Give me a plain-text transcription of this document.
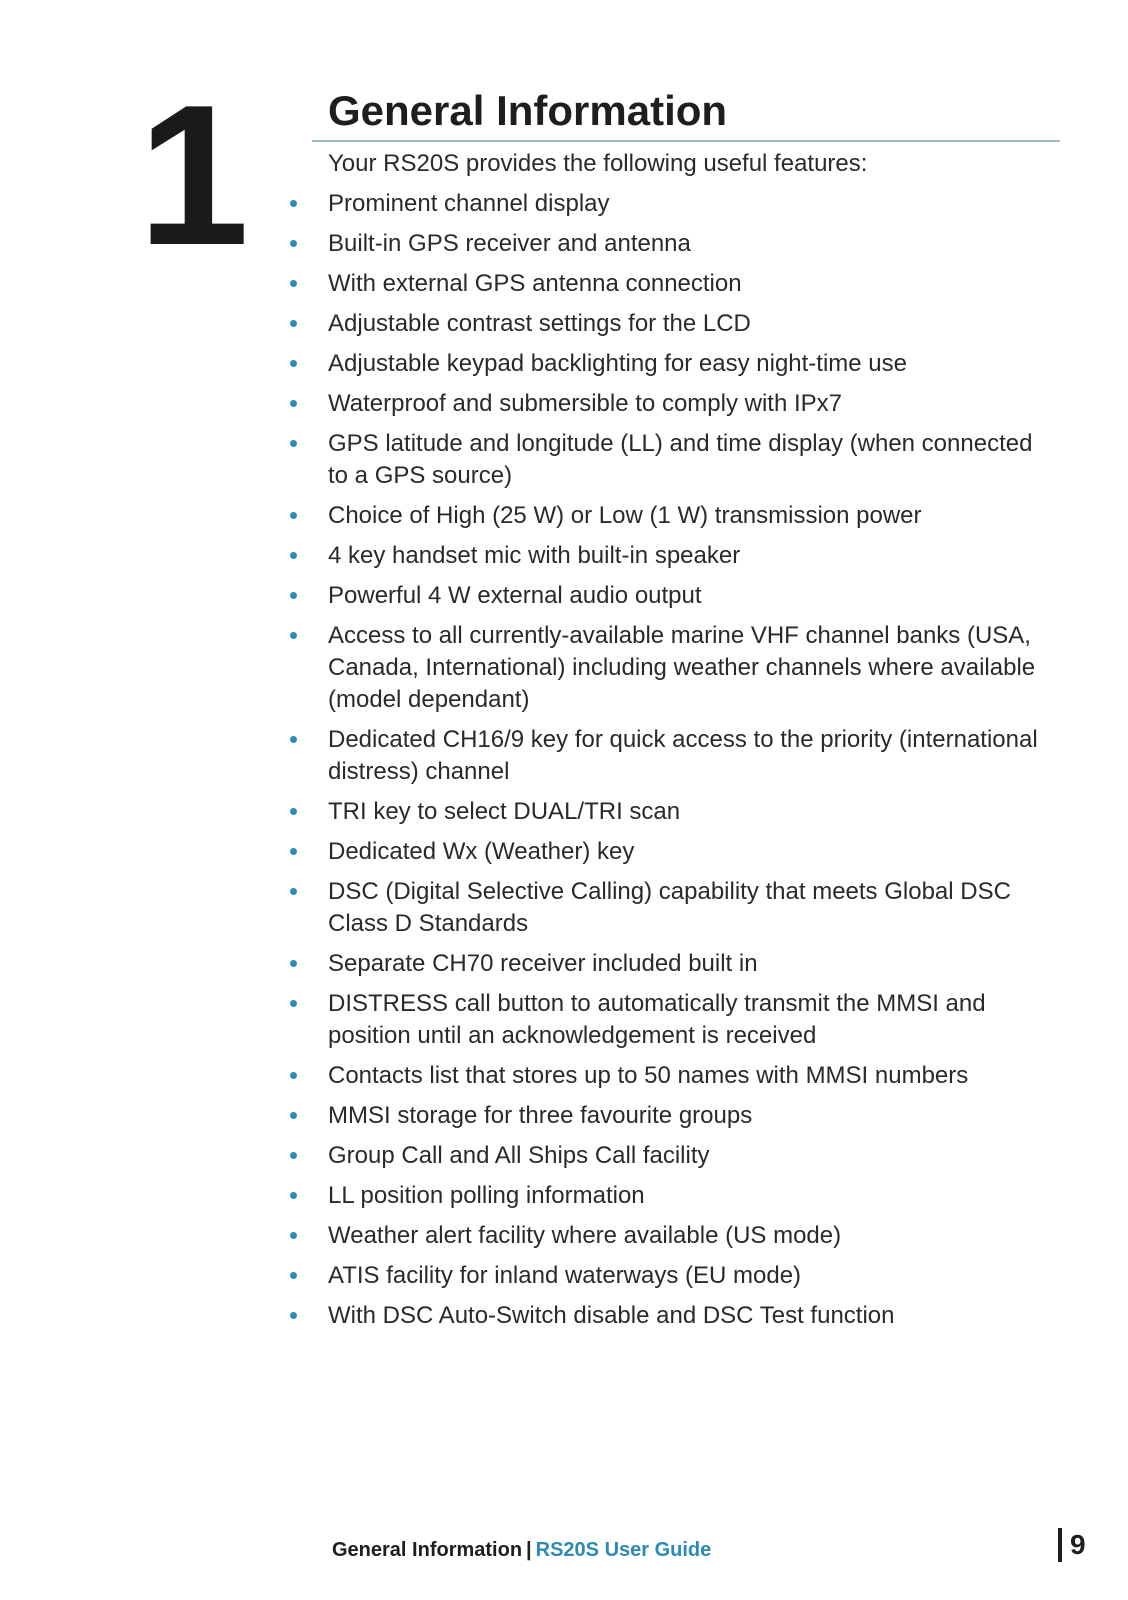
1 General Information

Your RS20S provides the following useful features:

Prominent channel display
Built-in GPS receiver and antenna
With external GPS antenna connection
Adjustable contrast settings for the LCD
Adjustable keypad backlighting for easy night-time use
Waterproof and submersible to comply with IPx7
GPS latitude and longitude (LL) and time display (when connected to a GPS source)
Choice of High (25 W) or Low (1 W) transmission power
4 key handset mic with built-in speaker
Powerful 4 W external audio output
Access to all currently-available marine VHF channel banks (USA, Canada, International) including weather channels where available (model dependant)
Dedicated CH16/9 key for quick access to the priority (international distress) channel
TRI key to select DUAL/TRI scan
Dedicated Wx (Weather) key
DSC (Digital Selective Calling) capability that meets Global DSC Class D Standards
Separate CH70 receiver included built in
DISTRESS call button to automatically transmit the MMSI and position until an acknowledgement is received
Contacts list that stores up to 50 names with MMSI numbers
MMSI storage for three favourite groups
Group Call and All Ships Call facility
LL position polling information
Weather alert facility where available (US mode)
ATIS facility for inland waterways (EU mode)
With DSC Auto-Switch disable and DSC Test function
General Information | RS20S User Guide	9
